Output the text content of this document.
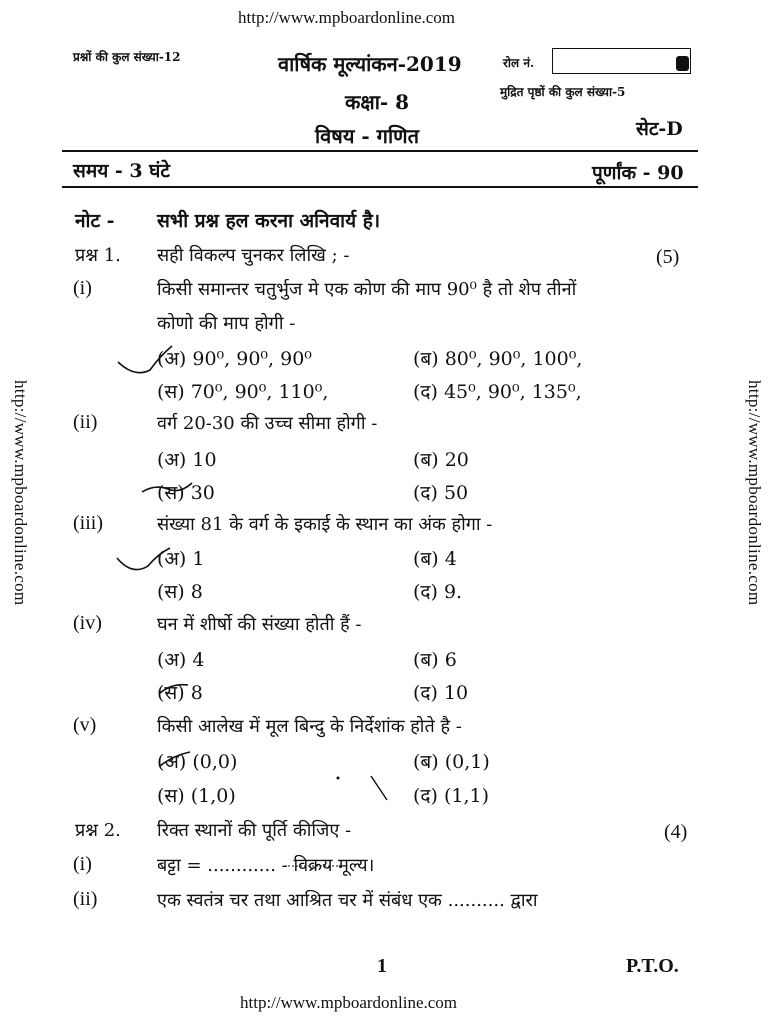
http://www.mpboardonline.com
http://www.mpboardonline.com	http://www.mpboardonline.com
प्रश्नों की कुल संख्या-12	वार्षिक मूल्यांकन-2019	रोल नं.
मुद्रित पृष्ठों की कुल संख्या-5
कक्षा- 8
विषय - गणित	सेट-D
समय - 3 घंटे	पूर्णांक - 90
नोट - सभी प्रश्न हल करना अनिवार्य है।
प्रश्न 1. सही विकल्प चुनकर लिखि ; -	(5)
(i)	किसी समान्तर चतुर्भुज मे एक कोण की माप 90⁰ है तो शेप तीनों
कोणो की माप होगी -
(अ) 90⁰, 90⁰, 90⁰	(ब) 80⁰, 90⁰, 100⁰,
(स) 70⁰, 90⁰, 110⁰,	(द) 45⁰, 90⁰, 135⁰,
(ii)	वर्ग 20-30 की उच्च सीमा होगी -
(अ) 10	(ब) 20
(स) 30	(द) 50
(iii)	संख्या 81 के वर्ग के इकाई के स्थान का अंक होगा -
(अ) 1	(ब) 4
(स) 8	(द) 9.
(iv)	घन में शीर्षो की संख्या होती हैं -
(अ) 4	(ब) 6
(स) 8	(द) 10
(v)	किसी आलेख में मूल बिन्दु के निर्देशांक होते है -
(अ) (0,0)	(ब) (0,1)
(स) (1,0)	(द) (1,1)
प्रश्न 2. रिक्त स्थानों की पूर्ति कीजिए -	(4)
(i)	बट्टा = ............ - विक्रय मूल्य।
(ii)	एक स्वतंत्र चर तथा आश्रित चर में संबंध एक .......... द्वारा
1	P.T.O.
http://www.mpboardonline.com
